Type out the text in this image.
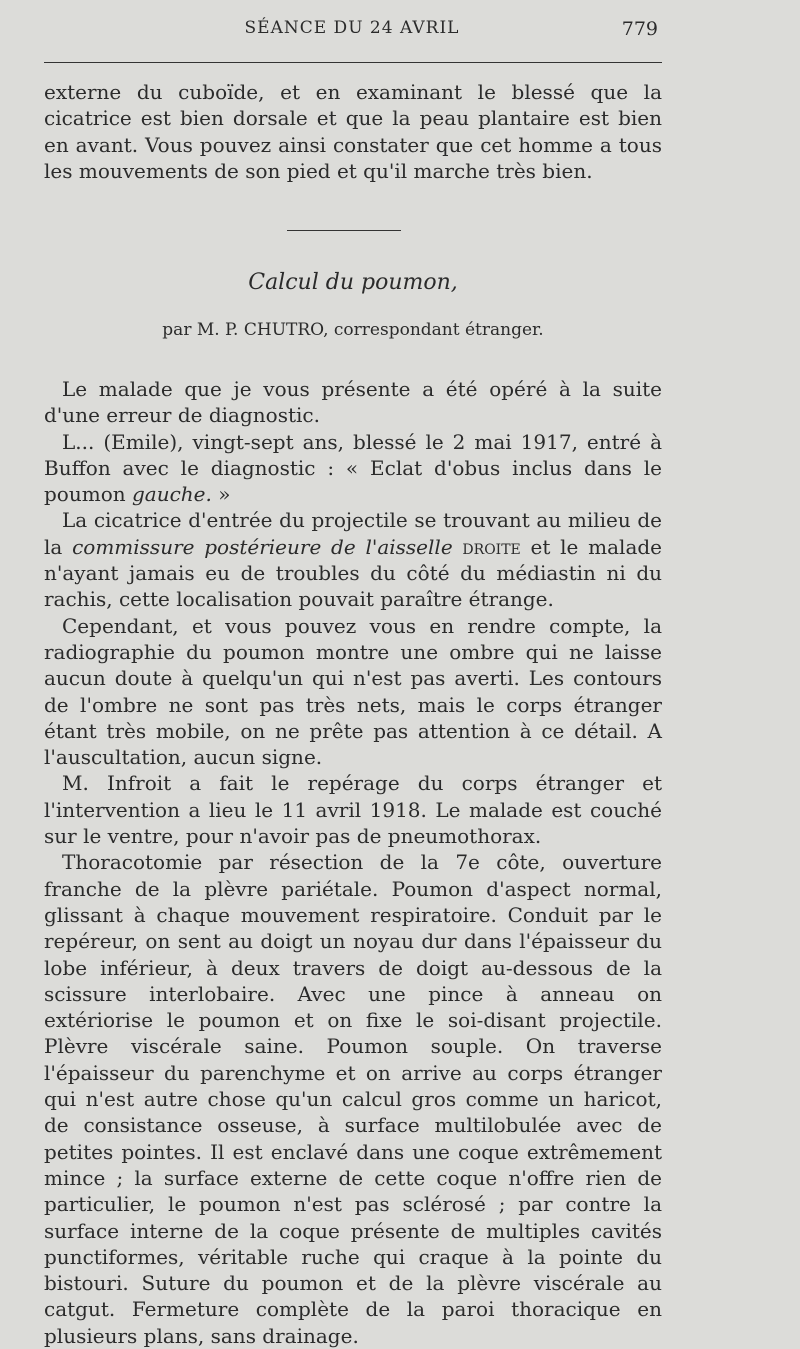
SÉANCE DU 24 AVRIL	779

externe du cuboïde, et en examinant le blessé que la cicatrice est bien dorsale et que la peau plantaire est bien en avant. Vous pouvez ainsi constater que cet homme a tous les mouvements de son pied et qu'il marche très bien.

Calcul du poumon,
par M. P. CHUTRO, correspondant étranger.

Le malade que je vous présente a été opéré à la suite d'une erreur de diagnostic.

L... (Emile), vingt-sept ans, blessé le 2 mai 1917, entré à Buffon avec le diagnostic : « Eclat d'obus inclus dans le poumon gauche. »

La cicatrice d'entrée du projectile se trouvant au milieu de la commissure postérieure de l'aisselle droite et le malade n'ayant jamais eu de troubles du côté du médiastin ni du rachis, cette localisation pouvait paraître étrange.

Cependant, et vous pouvez vous en rendre compte, la radiographie du poumon montre une ombre qui ne laisse aucun doute à quelqu'un qui n'est pas averti. Les contours de l'ombre ne sont pas très nets, mais le corps étranger étant très mobile, on ne prête pas attention à ce détail. A l'auscultation, aucun signe.

M. Infroit a fait le repérage du corps étranger et l'intervention a lieu le 11 avril 1918. Le malade est couché sur le ventre, pour n'avoir pas de pneumothorax.

Thoracotomie par résection de la 7e côte, ouverture franche de la plèvre pariétale. Poumon d'aspect normal, glissant à chaque mouvement respiratoire. Conduit par le repéreur, on sent au doigt un noyau dur dans l'épaisseur du lobe inférieur, à deux travers de doigt au-dessous de la scissure interlobaire. Avec une pince à anneau on extériorise le poumon et on fixe le soi-disant projectile. Plèvre viscérale saine. Poumon souple. On traverse l'épaisseur du parenchyme et on arrive au corps étranger qui n'est autre chose qu'un calcul gros comme un haricot, de consistance osseuse, à surface multilobulée avec de petites pointes. Il est enclavé dans une coque extrêmement mince ; la surface externe de cette coque n'offre rien de particulier, le poumon n'est pas sclérosé ; par contre la surface interne de la coque présente de multiples cavités punctiformes, véritable ruche qui craque à la pointe du bistouri. Suture du poumon et de la plèvre viscérale au catgut. Fermeture complète de la paroi thoracique en plusieurs plans, sans drainage.
